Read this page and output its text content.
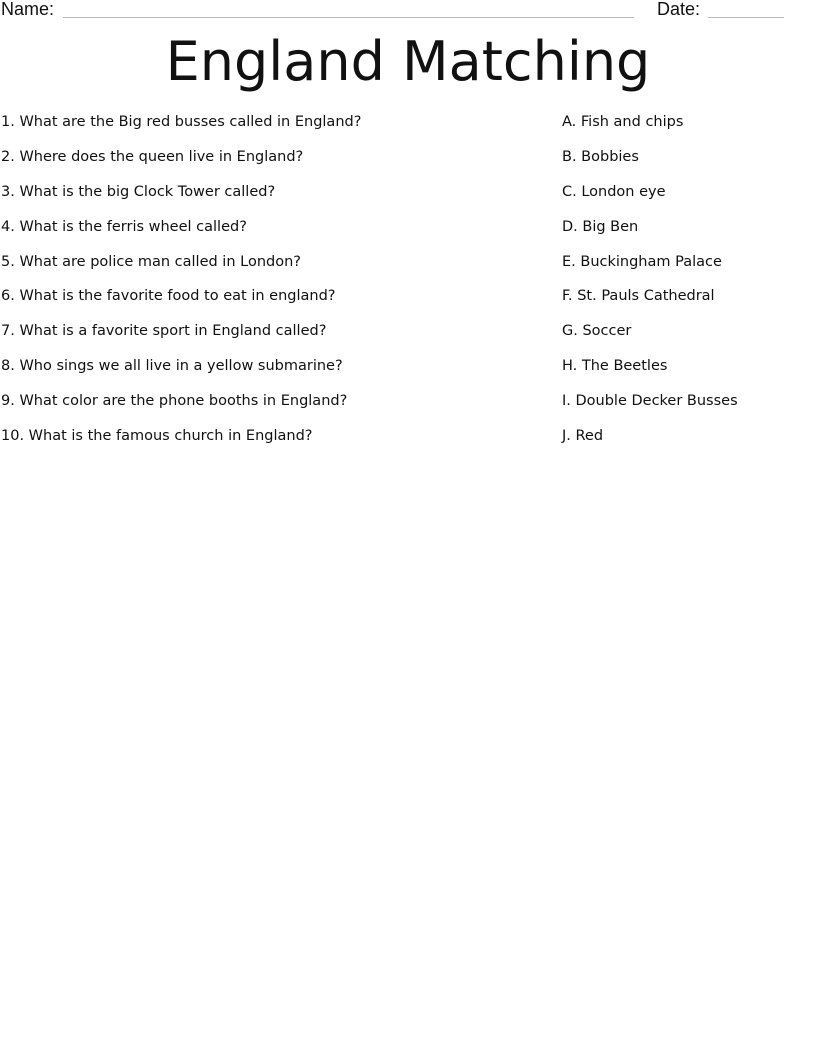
Name:	Date:
England Matching
1. What are the Big red busses called in England?
2. Where does the queen live in England?
3. What is the big Clock Tower called?
4. What is the ferris wheel called?
5. What are police man called in London?
6. What is the favorite food to eat in england?
7. What is a favorite sport in England called?
8. Who sings we all live in a yellow submarine?
9. What color are the phone booths in England?
10. What is the famous church in England?
A. Fish and chips
B. Bobbies
C. London eye
D. Big Ben
E. Buckingham Palace
F. St. Pauls Cathedral
G. Soccer
H. The Beetles
I. Double Decker Busses
J. Red
